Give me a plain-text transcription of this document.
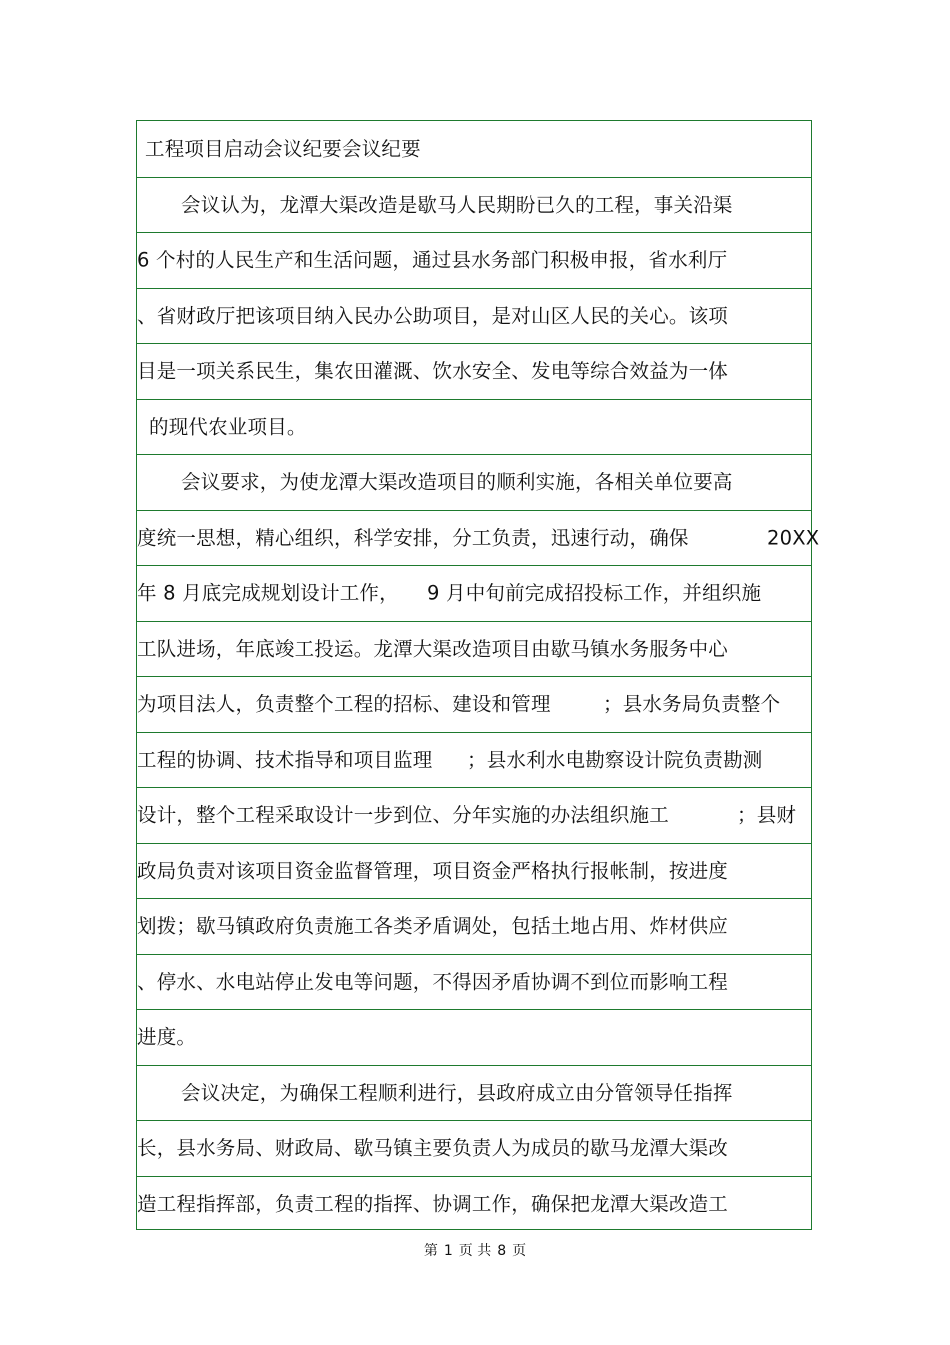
工程项目启动会议纪要会议纪要
会议认为，龙潭大渠改造是歇马人民期盼已久的工程，事关沿渠
6 个村的人民生产和生活问题，通过县水务部门积极申报，省水利厅
、省财政厅把该项目纳入民办公助项目，是对山区人民的关心。该项
目是一项关系民生，集农田灌溉、饮水安全、发电等综合效益为一体
的现代农业项目。
会议要求，为使龙潭大渠改造项目的顺利实施，各相关单位要高
度统一思想，精心组织，科学安排，分工负责，迅速行动，确保	20XX
年 8 月底完成规划设计工作， 9 月中旬前完成招投标工作，并组织施
工队进场，年底竣工投运。龙潭大渠改造项目由歇马镇水务服务中心
为项目法人，负责整个工程的招标、建设和管理	；县水务局负责整个
工程的协调、技术指导和项目监理 ；县水利水电勘察设计院负责勘测
设计，整个工程采取设计一步到位、分年实施的办法组织施工	；县财
政局负责对该项目资金监督管理，项目资金严格执行报帐制，按进度
划拨；歇马镇政府负责施工各类矛盾调处，包括土地占用、炸材供应
、停水、水电站停止发电等问题，不得因矛盾协调不到位而影响工程
进度。
会议决定，为确保工程顺利进行，县政府成立由分管领导任指挥
长，县水务局、财政局、歇马镇主要负责人为成员的歇马龙潭大渠改
造工程指挥部，负责工程的指挥、协调工作，确保把龙潭大渠改造工
第 1 页 共 8 页
